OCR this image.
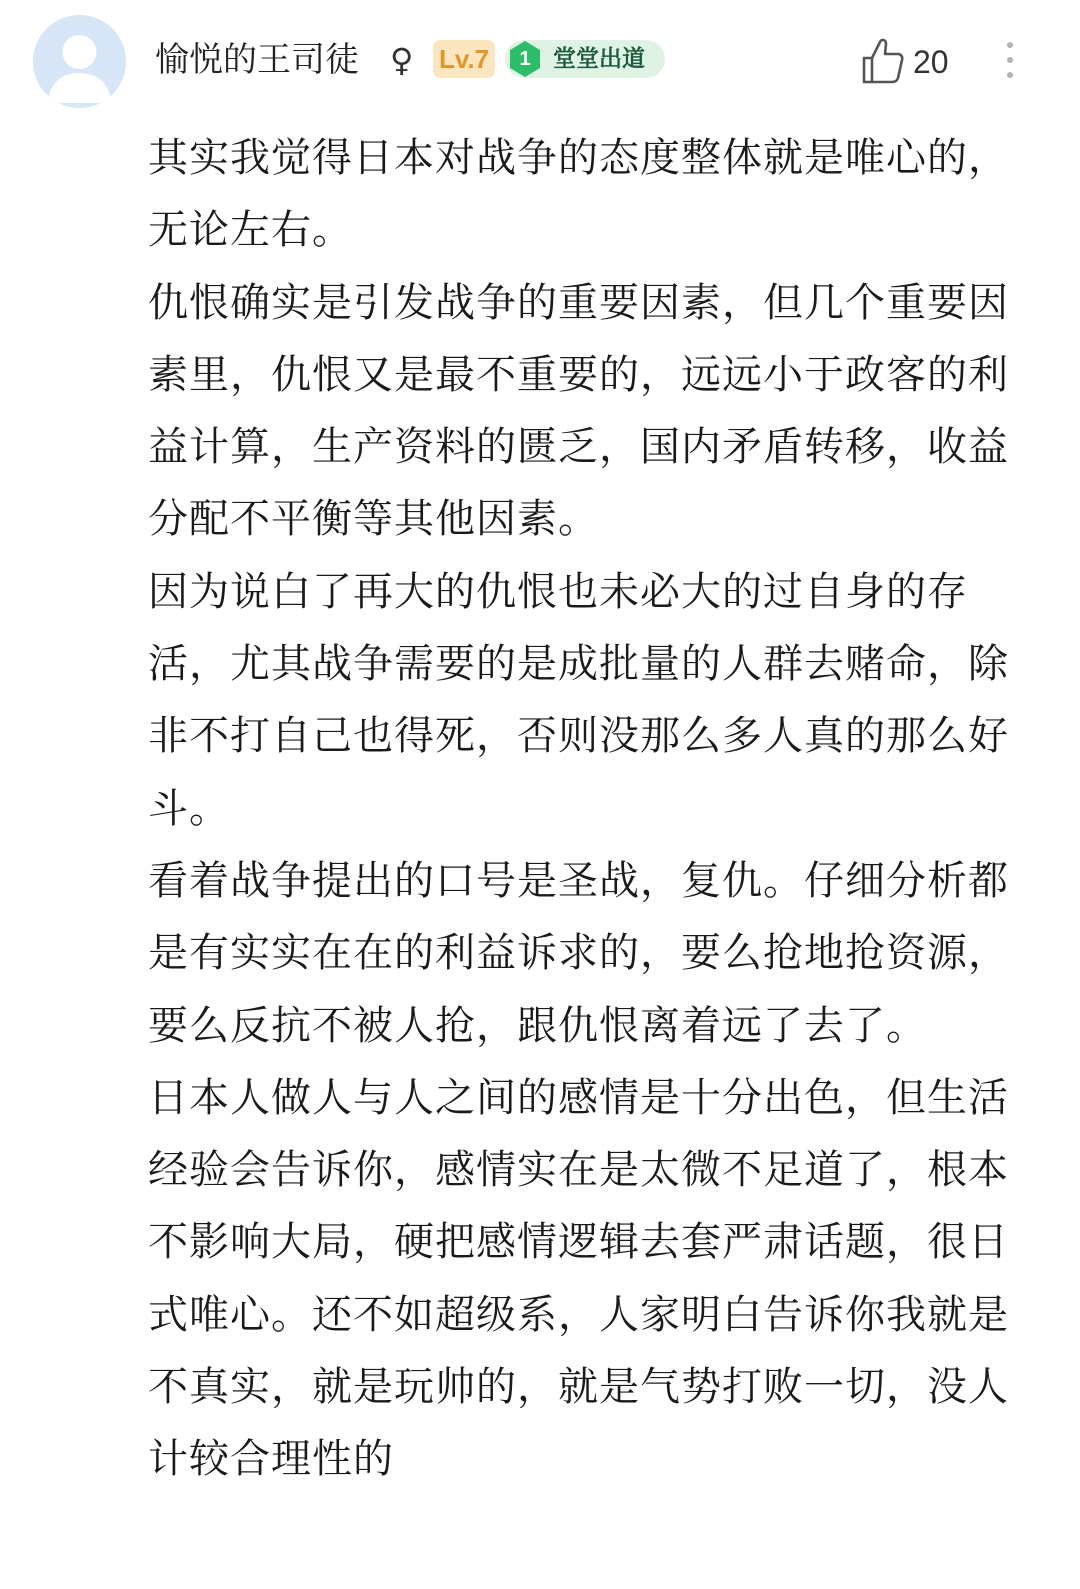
愉悦的王司徒 ♀ Lv.7	1 堂堂出道	20

其实我觉得日本对战争的态度整体就是唯心的，无论左右。

仇恨确实是引发战争的重要因素，但几个重要因素里，仇恨又是最不重要的，远远小于政客的利益计算，生产资料的匮乏，国内矛盾转移，收益分配不平衡等其他因素。

因为说白了再大的仇恨也未必大的过自身的存活，尤其战争需要的是成批量的人群去赌命，除非不打自己也得死，否则没那么多人真的那么好斗。

看着战争提出的口号是圣战，复仇。仔细分析都是有实实在在的利益诉求的，要么抢地抢资源，要么反抗不被人抢，跟仇恨离着远了去了。

日本人做人与人之间的感情是十分出色，但生活经验会告诉你，感情实在是太微不足道了，根本不影响大局，硬把感情逻辑去套严肃话题，很日式唯心。还不如超级系，人家明白告诉你我就是不真实，就是玩帅的，就是气势打败一切，没人计较合理性的
